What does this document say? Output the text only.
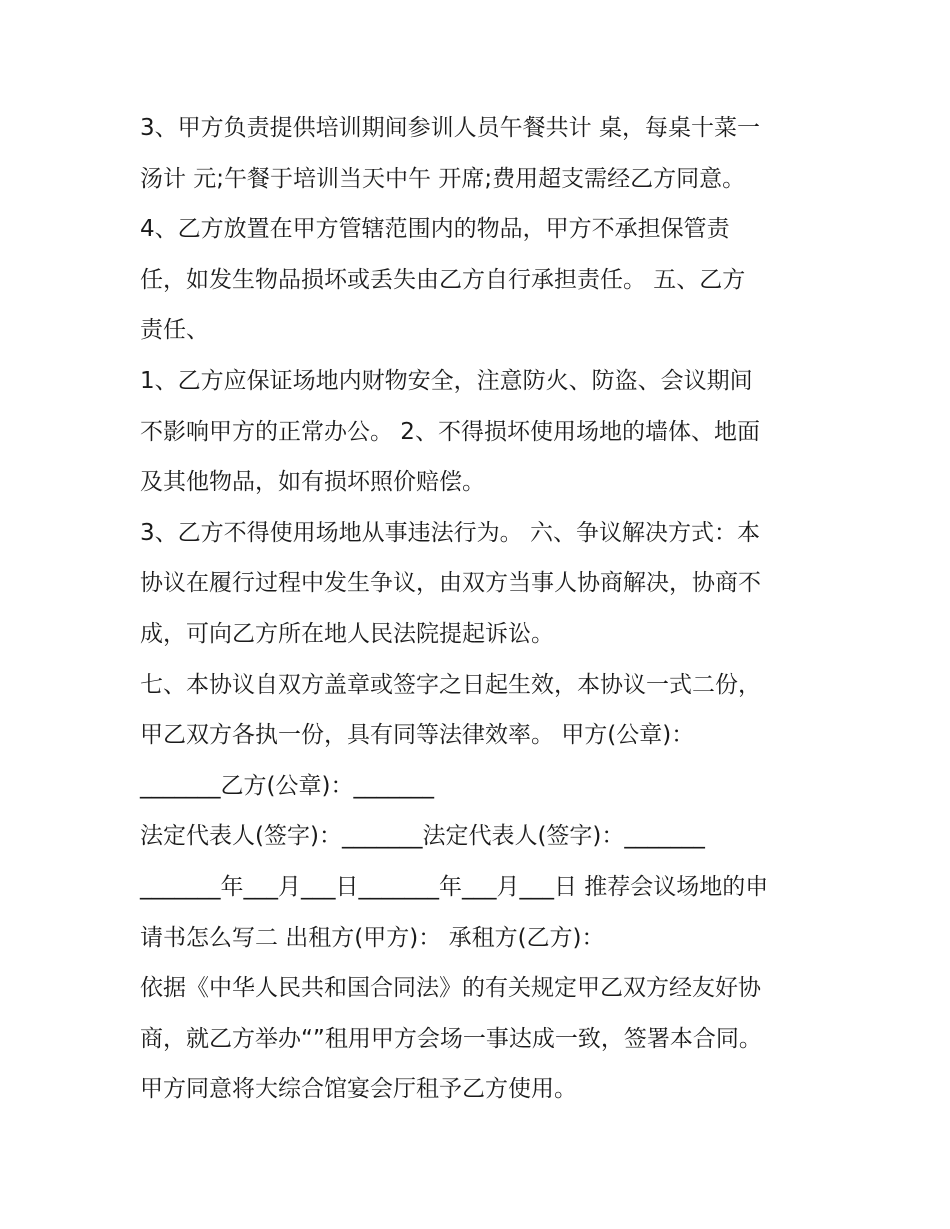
3、甲方负责提供培训期间参训人员午餐共计 桌，每桌十菜一
汤计 元;午餐于培训当天中午 开席;费用超支需经乙方同意。
4、乙方放置在甲方管辖范围内的物品，甲方不承担保管责
任，如发生物品损坏或丢失由乙方自行承担责任。 五、乙方
责任、
1、乙方应保证场地内财物安全，注意防火、防盗、会议期间
不影响甲方的正常办公。 2、不得损坏使用场地的墙体、地面
及其他物品，如有损坏照价赔偿。
3、乙方不得使用场地从事违法行为。 六、争议解决方式：本
协议在履行过程中发生争议，由双方当事人协商解决，协商不
成，可向乙方所在地人民法院提起诉讼。
七、本协议自双方盖章或签字之日起生效，本协议一式二份，
甲乙双方各执一份，具有同等法律效率。 甲方(公章)：
_______乙方(公章)：_______
法定代表人(签字)：_______法定代表人(签字)：_______
_______年___月___日_______年___月___日 推荐会议场地的申
请书怎么写二 出租方(甲方)： 承租方(乙方)：
依据《中华人民共和国合同法》的有关规定甲乙双方经友好协
商，就乙方举办“”租用甲方会场一事达成一致，签署本合同。
甲方同意将大综合馆宴会厅租予乙方使用。
